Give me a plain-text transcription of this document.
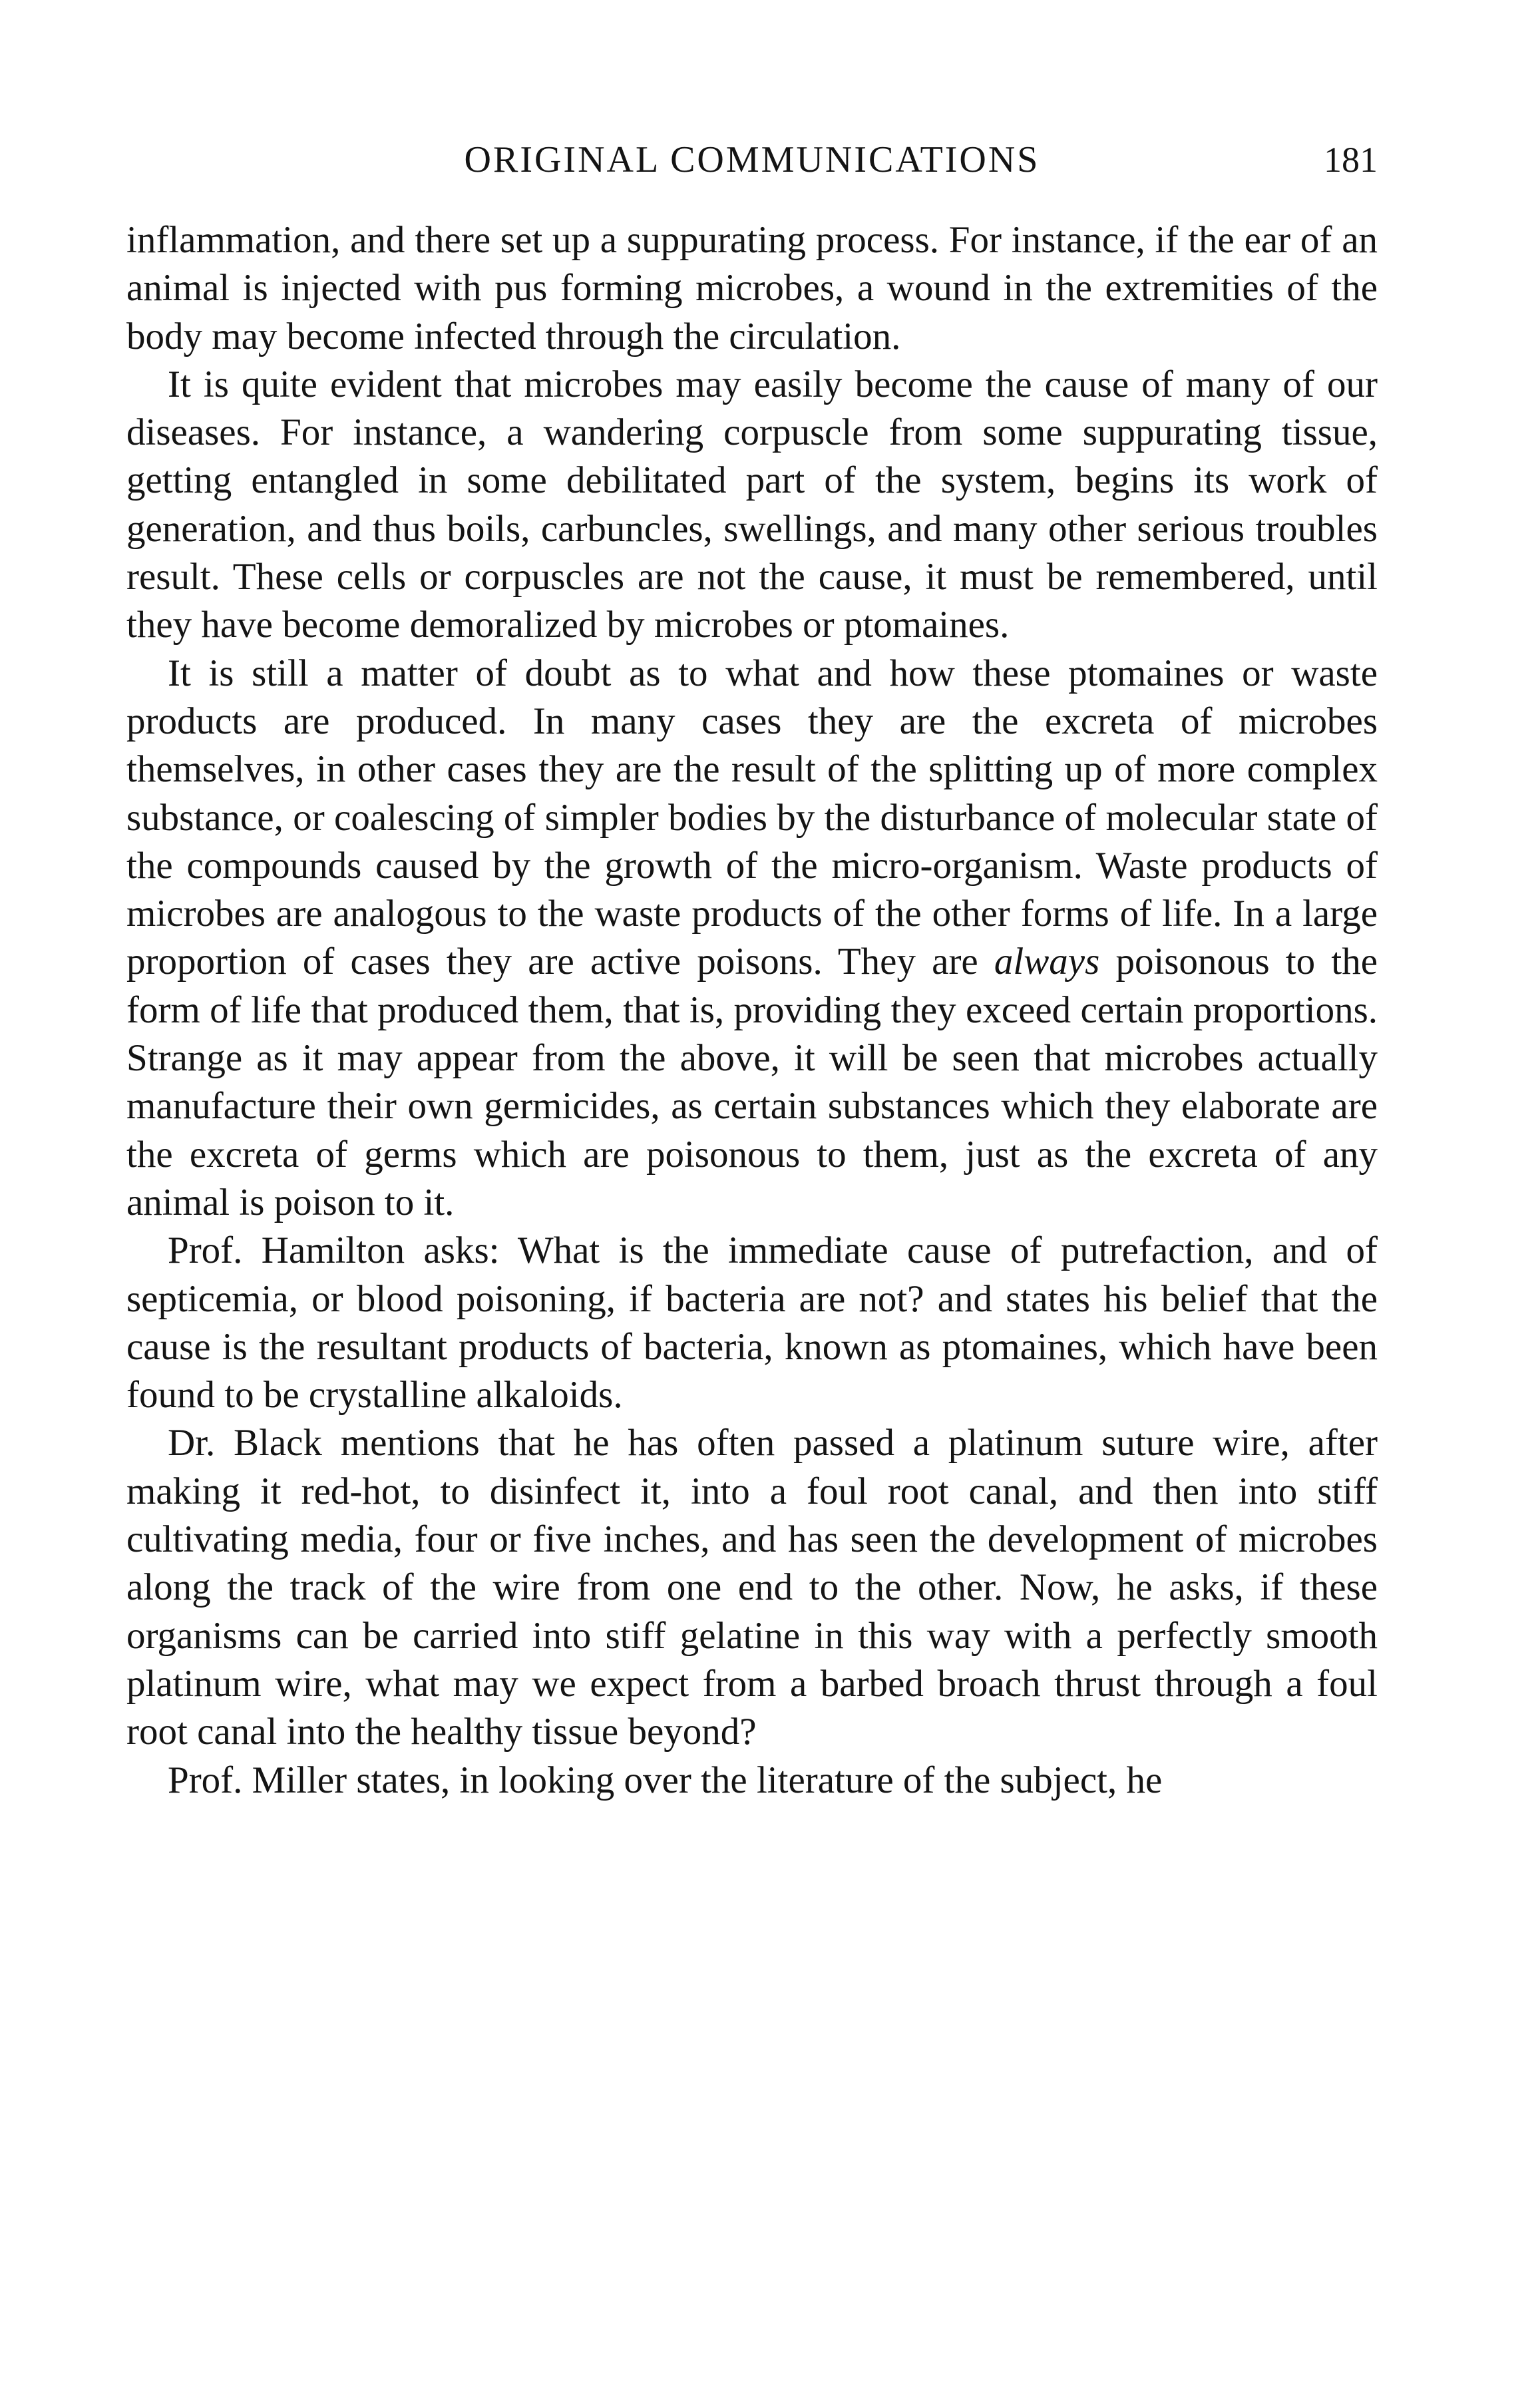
ORIGINAL COMMUNICATIONS	181

inflammation, and there set up a suppurating process. For instance, if the ear of an animal is injected with pus forming microbes, a wound in the extremities of the body may become infected through the circulation.

It is quite evident that microbes may easily become the cause of many of our diseases. For instance, a wandering corpuscle from some suppurating tissue, getting entangled in some debilitated part of the system, begins its work of generation, and thus boils, carbuncles, swellings, and many other serious troubles result. These cells or corpuscles are not the cause, it must be remembered, until they have become demoralized by microbes or ptomaines.

It is still a matter of doubt as to what and how these ptomaines or waste products are produced. In many cases they are the excreta of microbes themselves, in other cases they are the result of the splitting up of more complex substance, or coalescing of simpler bodies by the disturbance of molecular state of the compounds caused by the growth of the micro-organism. Waste products of microbes are analogous to the waste products of the other forms of life. In a large proportion of cases they are active poisons. They are always poisonous to the form of life that produced them, that is, providing they exceed certain proportions. Strange as it may appear from the above, it will be seen that microbes actually manufacture their own germicides, as certain substances which they elaborate are the excreta of germs which are poisonous to them, just as the excreta of any animal is poison to it.

Prof. Hamilton asks: What is the immediate cause of putrefaction, and of septicemia, or blood poisoning, if bacteria are not? and states his belief that the cause is the resultant products of bacteria, known as ptomaines, which have been found to be crystalline alkaloids.

Dr. Black mentions that he has often passed a platinum suture wire, after making it red-hot, to disinfect it, into a foul root canal, and then into stiff cultivating media, four or five inches, and has seen the development of microbes along the track of the wire from one end to the other. Now, he asks, if these organisms can be carried into stiff gelatine in this way with a perfectly smooth platinum wire, what may we expect from a barbed broach thrust through a foul root canal into the healthy tissue beyond?

Prof. Miller states, in looking over the literature of the subject, he
